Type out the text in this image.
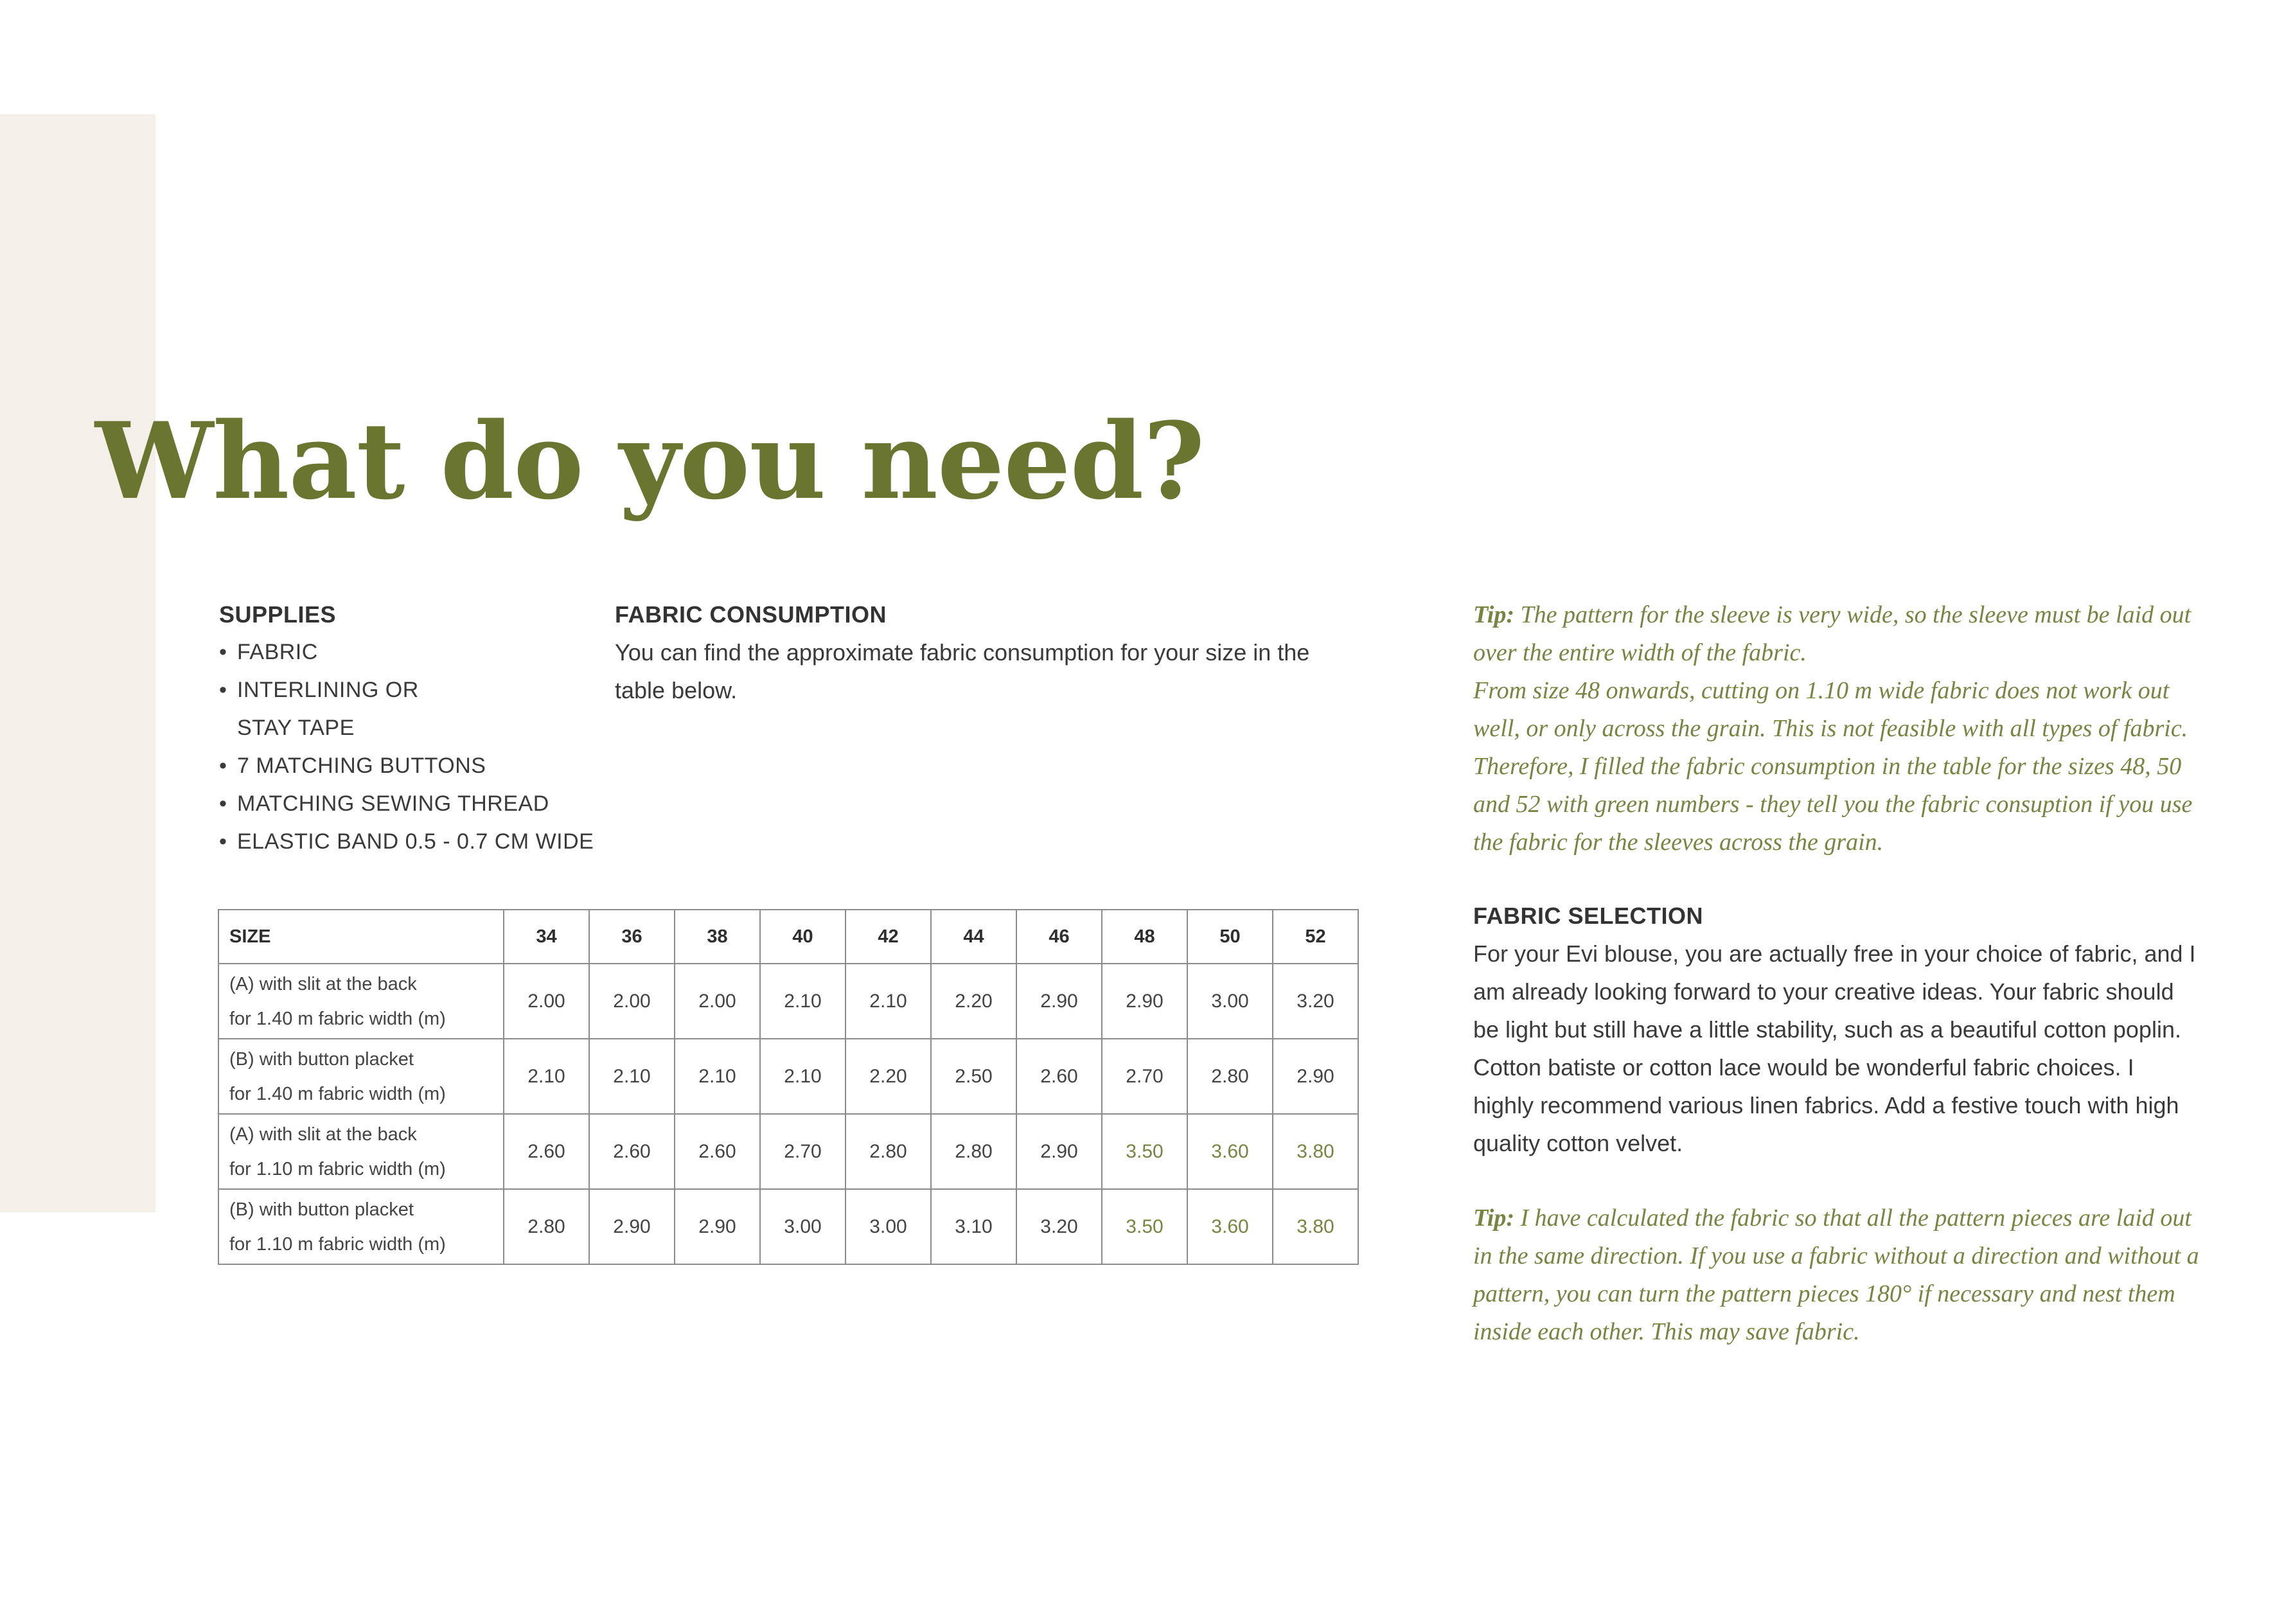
What do you need?

SUPPLIES

• FABRIC
• INTERLINING OR
STAY TAPE
• 7 MATCHING BUTTONS
• MATCHING SEWING THREAD
• ELASTIC BAND 0.5 - 0.7 CM WIDE

FABRIC CONSUMPTION

You can find the approximate fabric consumption for your size in the table below.

Tip: The pattern for the sleeve is very wide, so the sleeve must be laid out over the entire width of the fabric.

From size 48 onwards, cutting on 1.10 m wide fabric does not work out well, or only across the grain. This is not feasible with all types of fabric. Therefore, I filled the fabric consumption in the table for the sizes 48, 50 and 52 with green numbers - they tell you the fabric consuption if you use the fabric for the sleeves across the grain.

FABRIC SELECTION

For your Evi blouse, you are actually free in your choice of fabric, and I am already looking forward to your creative ideas. Your fabric should be light but still have a little stability, such as a beautiful cotton poplin. Cotton batiste or cotton lace would be wonderful fabric choices. I highly recommend various linen fabrics. Add a festive touch with high quality cotton velvet.

Tip: I have calculated the fabric so that all the pattern pieces are laid out in the same direction. If you use a fabric without a direction and without a pattern, you can turn the pattern pieces 180° if necessary and nest them inside each other. This may save fabric.

SIZE	34	36	38	40	42	44	46	48	50	52

(A) with slit at the back
for 1.40 m fabric width (m)	2.00	2.00	2.00	2.10	2.10	2.20	2.90	2.90	3.00	3.20

(B) with button placket
for 1.40 m fabric width (m)	2.10	2.10	2.10	2.10	2.20	2.50	2.60	2.70	2.80	2.90

(A) with slit at the back
for 1.10 m fabric width (m)	2.60	2.60	2.60	2.70	2.80	2.80	2.90	3.50	3.60	3.80

(B) with button placket
for 1.10 m fabric width (m)	2.80	2.90	2.90	3.00	3.00	3.10	3.20	3.50	3.60	3.80
